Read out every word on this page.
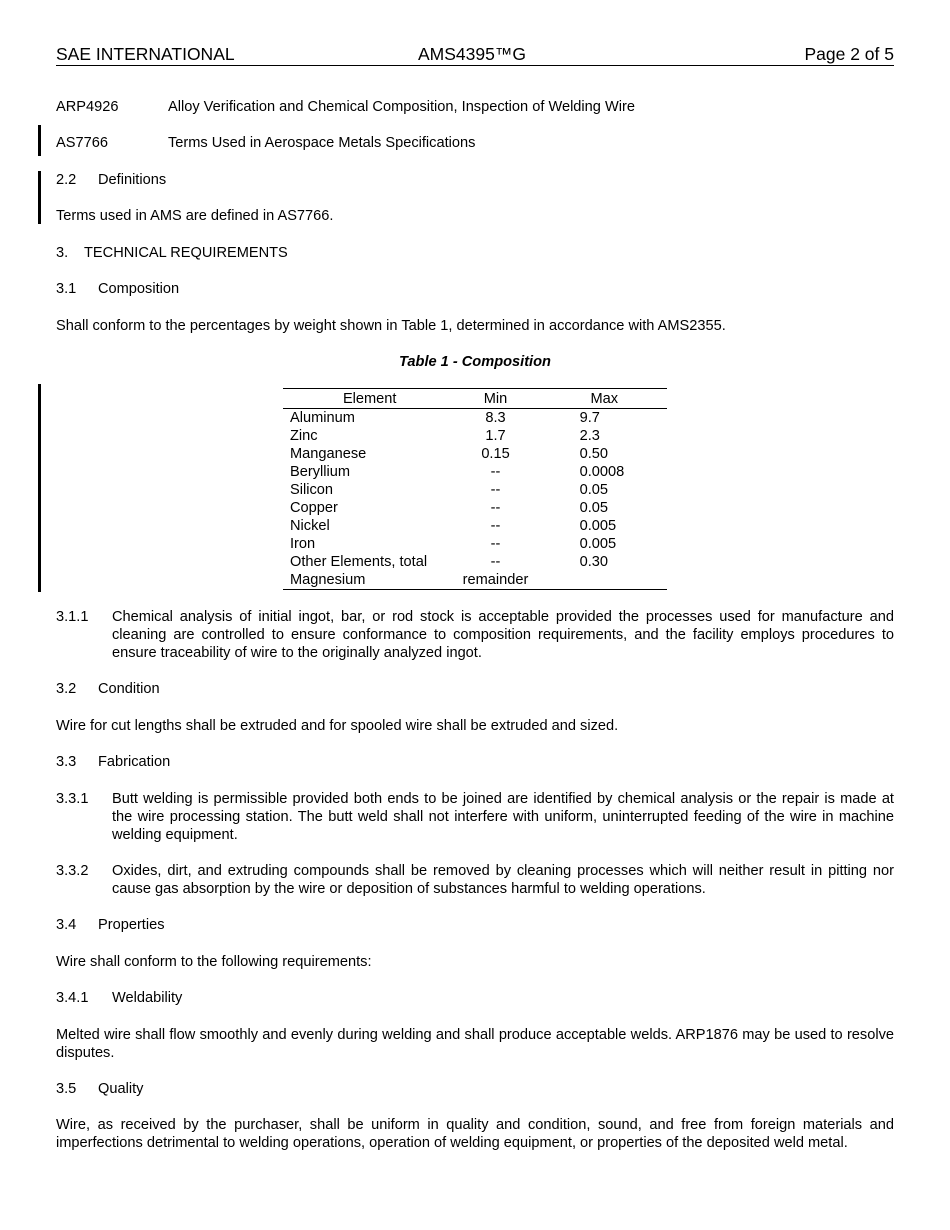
SAE INTERNATIONAL	AMS4395™G	Page 2 of 5
ARP4926	Alloy Verification and Chemical Composition, Inspection of Welding Wire
AS7766	Terms Used in Aerospace Metals Specifications
2.2 Definitions
Terms used in AMS are defined in AS7766.
3. TECHNICAL REQUIREMENTS
3.1 Composition
Shall conform to the percentages by weight shown in Table 1, determined in accordance with AMS2355.
Table 1 - Composition
Element	Min	Max
Aluminum	8.3	9.7
Zinc	1.7	2.3
Manganese	0.15	0.50
Beryllium	--	0.0008
Silicon	--	0.05
Copper	--	0.05
Nickel	--	0.005
Iron	--	0.005
Other Elements, total	--	0.30
Magnesium	remainder	
3.1.1 Chemical analysis of initial ingot, bar, or rod stock is acceptable provided the processes used for manufacture and cleaning are controlled to ensure conformance to composition requirements, and the facility employs procedures to ensure traceability of wire to the originally analyzed ingot.
3.2 Condition
Wire for cut lengths shall be extruded and for spooled wire shall be extruded and sized.
3.3 Fabrication
3.3.1 Butt welding is permissible provided both ends to be joined are identified by chemical analysis or the repair is made at the wire processing station. The butt weld shall not interfere with uniform, uninterrupted feeding of the wire in machine welding equipment.
3.3.2 Oxides, dirt, and extruding compounds shall be removed by cleaning processes which will neither result in pitting nor cause gas absorption by the wire or deposition of substances harmful to welding operations.
3.4 Properties
Wire shall conform to the following requirements:
3.4.1 Weldability
Melted wire shall flow smoothly and evenly during welding and shall produce acceptable welds. ARP1876 may be used to resolve disputes.
3.5 Quality
Wire, as received by the purchaser, shall be uniform in quality and condition, sound, and free from foreign materials and imperfections detrimental to welding operations, operation of welding equipment, or properties of the deposited weld metal.
